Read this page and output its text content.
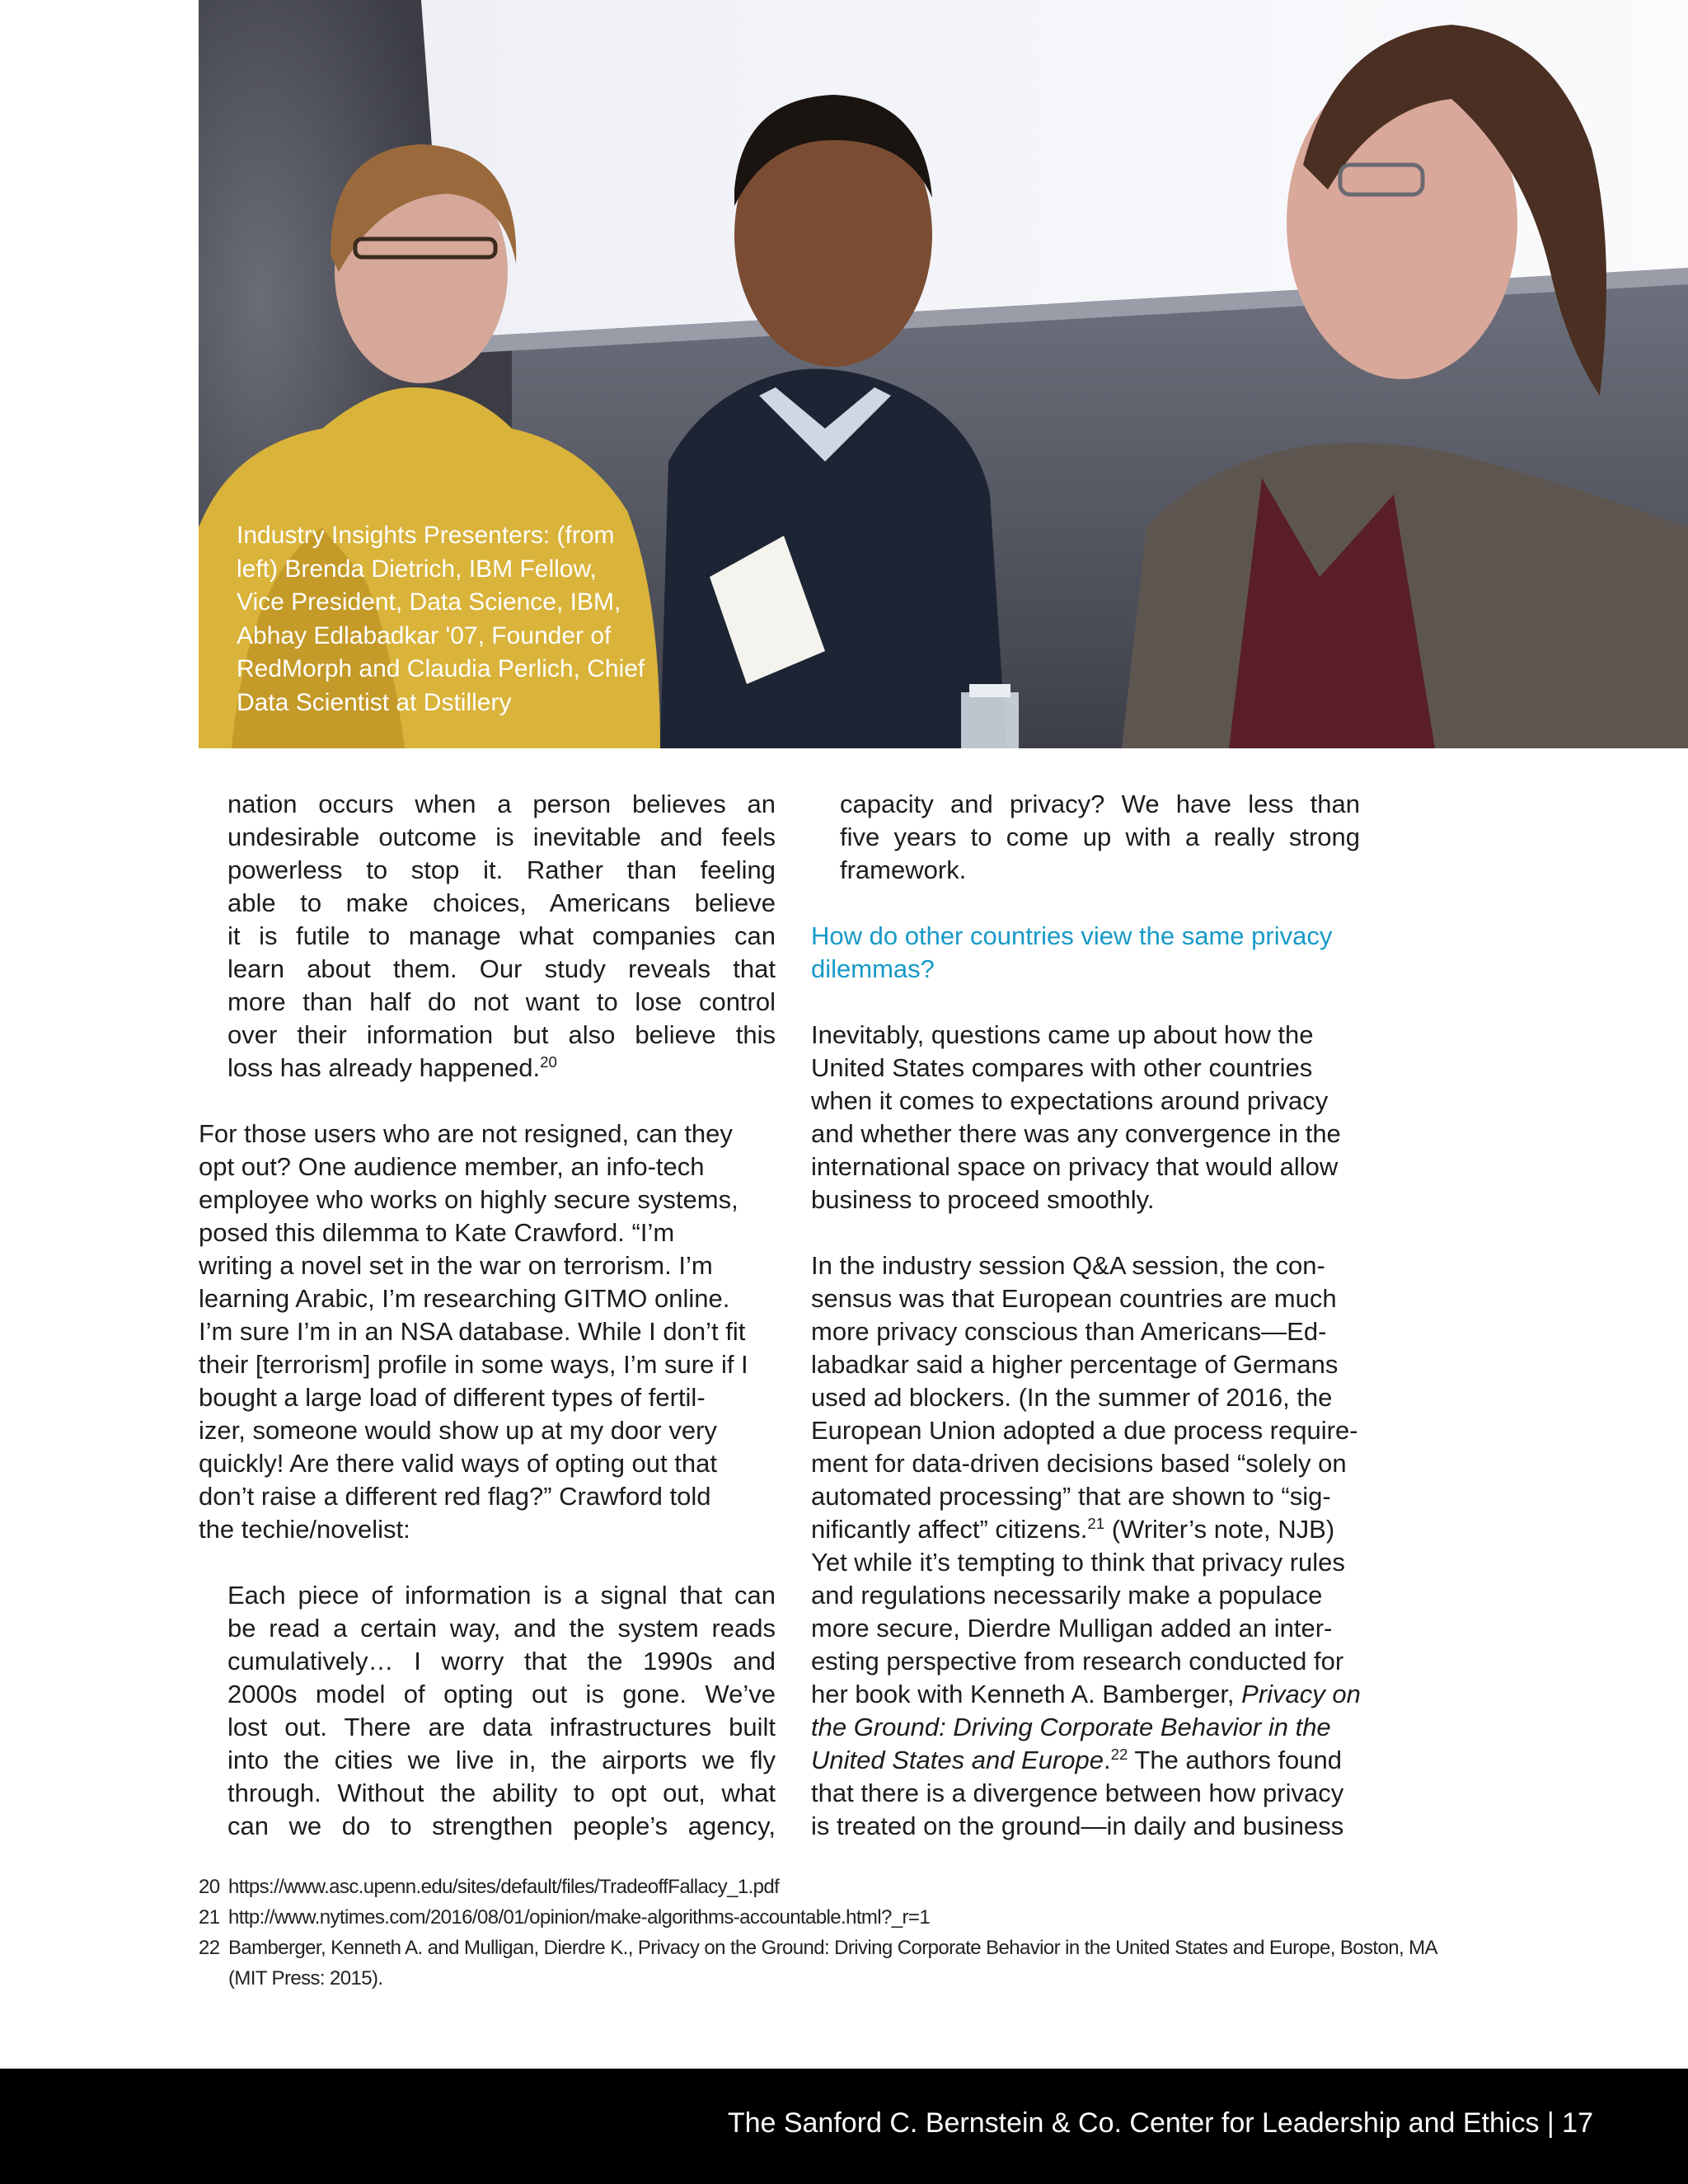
Industry Insights Presenters: (from
left) Brenda Dietrich, IBM Fellow,
Vice President, Data Science, IBM,
Abhay Edlabadkar '07, Founder of
RedMorph and Claudia Perlich, Chief
Data Scientist at Dstillery
nation occurs when a person believes an
undesirable outcome is inevitable and feels
powerless to stop it. Rather than feeling
able to make choices, Americans believe
it is futile to manage what companies can
learn about them. Our study reveals that
more than half do not want to lose control
over their information but also believe this
loss has already happened.$^{20}$
For those users who are not resigned, can they
opt out? One audience member, an info-tech
employee who works on highly secure systems,
posed this dilemma to Kate Crawford. “I’m
writing a novel set in the war on terrorism. I’m
learning Arabic, I’m researching GITMO online.
I’m sure I’m in an NSA database. While I don’t fit
their [terrorism] profile in some ways, I’m sure if I
bought a large load of different types of fertil-
izer, someone would show up at my door very
quickly! Are there valid ways of opting out that
don’t raise a different red flag?” Crawford told
the techie/novelist:
Each piece of information is a signal that can
be read a certain way, and the system reads
cumulatively… I worry that the 1990s and
2000s model of opting out is gone. We’ve
lost out. There are data infrastructures built
into the cities we live in, the airports we fly
through. Without the ability to opt out, what
can we do to strengthen people’s agency,
capacity and privacy? We have less than
five years to come up with a really strong
framework.
How do other countries view the same privacy
dilemmas?
Inevitably, questions came up about how the
United States compares with other countries
when it comes to expectations around privacy
and whether there was any convergence in the
international space on privacy that would allow
business to proceed smoothly.
In the industry session Q&A session, the con-
sensus was that European countries are much
more privacy conscious than Americans—Ed-
labadkar said a higher percentage of Germans
used ad blockers. (In the summer of 2016, the
European Union adopted a due process require-
ment for data-driven decisions based “solely on
automated processing” that are shown to “sig-
nificantly affect” citizens.$^{21}$ (Writer’s note, NJB)
Yet while it’s tempting to think that privacy rules
and regulations necessarily make a populace
more secure, Dierdre Mulligan added an inter-
esting perspective from research conducted for
her book with Kenneth A. Bamberger, Privacy on
the Ground: Driving Corporate Behavior in the
United States and Europe.$^{22}$ The authors found
that there is a divergence between how privacy
is treated on the ground—in daily and business
20 https://www.asc.upenn.edu/sites/default/files/TradeoffFallacy_1.pdf
21 http://www.nytimes.com/2016/08/01/opinion/make-algorithms-accountable.html?_r=1
22 Bamberger, Kenneth A. and Mulligan, Dierdre K., Privacy on the Ground: Driving Corporate Behavior in the United States and Europe, Boston, MA
(MIT Press: 2015).
The Sanford C. Bernstein & Co. Center for Leadership and Ethics | 17
